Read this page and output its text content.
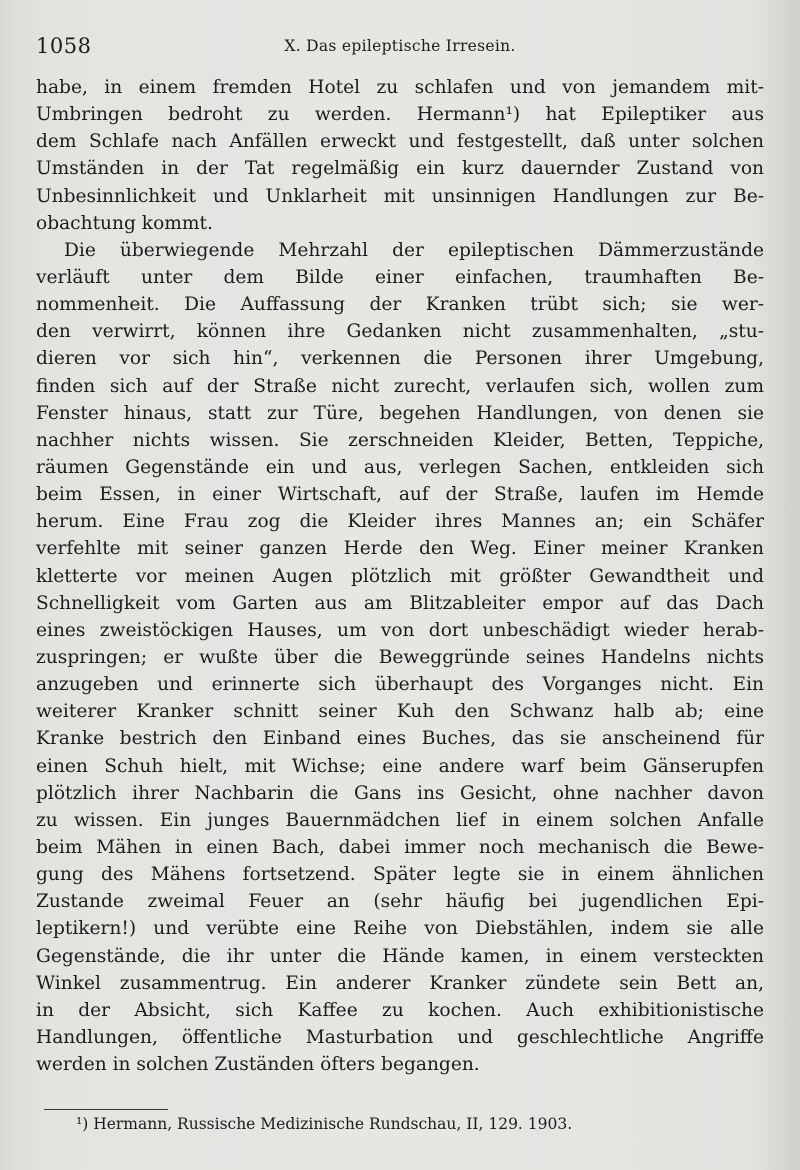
1058	X. Das epileptische Irresein.
habe, in einem fremden Hotel zu schlafen und von jemandem mit-
Umbringen bedroht zu werden. Hermann¹) hat Epileptiker aus
dem Schlafe nach Anfällen erweckt und festgestellt, daß unter solchen
Umständen in der Tat regelmäßig ein kurz dauernder Zustand von
Unbesinnlichkeit und Unklarheit mit unsinnigen Handlungen zur Be-
obachtung kommt.
Die überwiegende Mehrzahl der epileptischen Dämmerzustände
verläuft unter dem Bilde einer einfachen, traumhaften Be-
nommenheit. Die Auffassung der Kranken trübt sich; sie wer-
den verwirrt, können ihre Gedanken nicht zusammenhalten, „stu-
dieren vor sich hin“, verkennen die Personen ihrer Umgebung,
finden sich auf der Straße nicht zurecht, verlaufen sich, wollen zum
Fenster hinaus, statt zur Türe, begehen Handlungen, von denen sie
nachher nichts wissen. Sie zerschneiden Kleider, Betten, Teppiche,
räumen Gegenstände ein und aus, verlegen Sachen, entkleiden sich
beim Essen, in einer Wirtschaft, auf der Straße, laufen im Hemde
herum. Eine Frau zog die Kleider ihres Mannes an; ein Schäfer
verfehlte mit seiner ganzen Herde den Weg. Einer meiner Kranken
kletterte vor meinen Augen plötzlich mit größter Gewandtheit und
Schnelligkeit vom Garten aus am Blitzableiter empor auf das Dach
eines zweistöckigen Hauses, um von dort unbeschädigt wieder herab-
zuspringen; er wußte über die Beweggründe seines Handelns nichts
anzugeben und erinnerte sich überhaupt des Vorganges nicht. Ein
weiterer Kranker schnitt seiner Kuh den Schwanz halb ab; eine
Kranke bestrich den Einband eines Buches, das sie anscheinend für
einen Schuh hielt, mit Wichse; eine andere warf beim Gänserupfen
plötzlich ihrer Nachbarin die Gans ins Gesicht, ohne nachher davon
zu wissen. Ein junges Bauernmädchen lief in einem solchen Anfalle
beim Mähen in einen Bach, dabei immer noch mechanisch die Bewe-
gung des Mähens fortsetzend. Später legte sie in einem ähnlichen
Zustande zweimal Feuer an (sehr häufig bei jugendlichen Epi-
leptikern!) und verübte eine Reihe von Diebstählen, indem sie alle
Gegenstände, die ihr unter die Hände kamen, in einem versteckten
Winkel zusammentrug. Ein anderer Kranker zündete sein Bett an,
in der Absicht, sich Kaffee zu kochen. Auch exhibitionistische
Handlungen, öffentliche Masturbation und geschlechtliche Angriffe
werden in solchen Zuständen öfters begangen.
¹) Hermann, Russische Medizinische Rundschau, II, 129. 1903.
